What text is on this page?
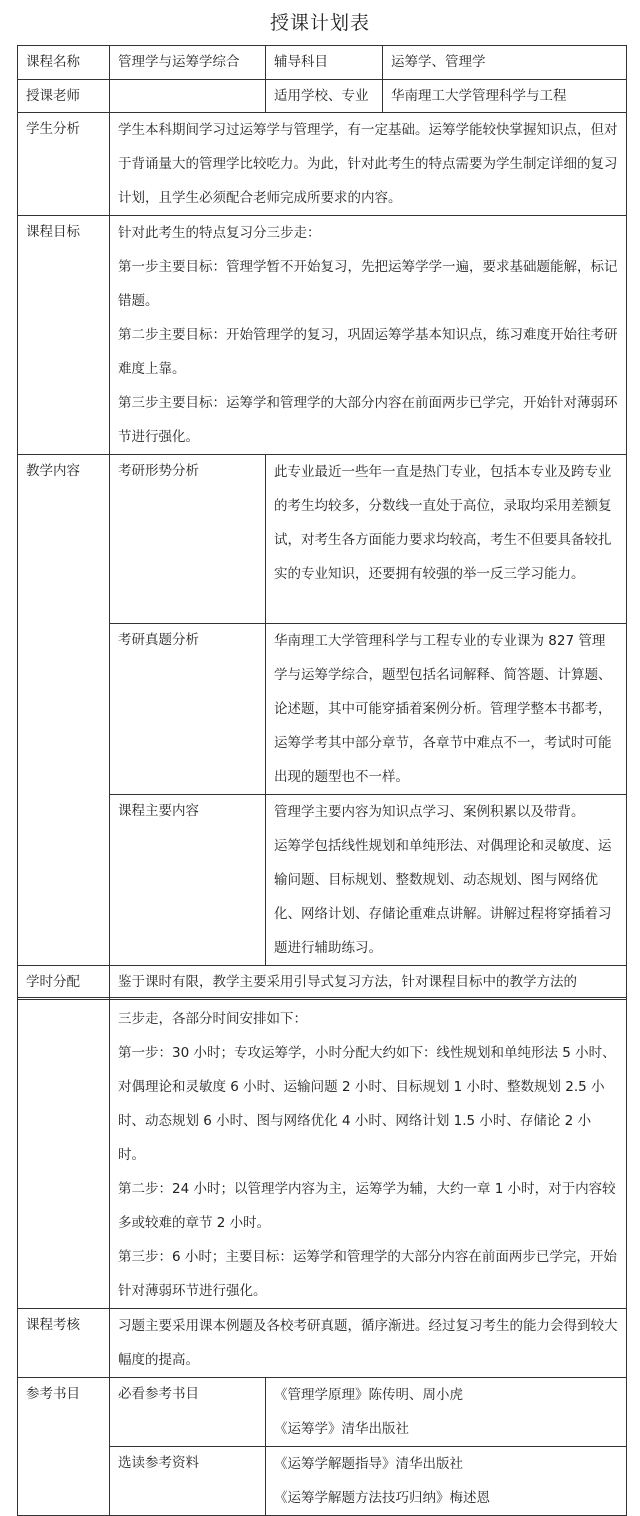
授课计划表
课程名称	管理学与运筹学综合	辅导科目	运筹学、管理学
授课老师		适用学校、专业	华南理工大学管理科学与工程
学生分析	学生本科期间学习过运筹学与管理学，有一定基础。运筹学能较快掌握知识点，但对于背诵量大的管理学比较吃力。为此，针对此考生的特点需要为学生制定详细的复习计划，且学生必须配合老师完成所要求的内容。		
课程目标	针对此考生的特点复习分三步走：
第一步主要目标：管理学暂不开始复习，先把运筹学学一遍，要求基础题能解，标记错题。
第二步主要目标：开始管理学的复习，巩固运筹学基本知识点，练习难度开始往考研难度上靠。
第三步主要目标：运筹学和管理学的大部分内容在前面两步已学完，开始针对薄弱环节进行强化。		

教学内容	考研形势分析	此专业最近一些年一直是热门专业，包括本专业及跨专业的考生均较多，分数线一直处于高位，录取均采用差额复试，对考生各方面能力要求均较高，考生不但要具备较扎实的专业知识，还要拥有较强的举一反三学习能力。	
	考研真题分析	华南理工大学管理科学与工程专业的专业课为 827 管理学与运筹学综合，题型包括名词解释、简答题、计算题、论述题，其中可能穿插着案例分析。管理学整本书都考，运筹学考其中部分章节，各章节中难点不一，考试时可能出现的题型也不一样。	
	课程主要内容	管理学主要内容为知识点学习、案例积累以及带背。
运筹学包括线性规划和单纯形法、对偶理论和灵敏度、运输问题、目标规划、整数规划、动态规划、图与网络优化、网络计划、存储论重难点讲解。讲解过程将穿插着习题进行辅助练习。	

学时分配	鉴于课时有限，教学主要采用引导式复习方法，针对课程目标中的教学方法的		

	三步走，各部分时间安排如下：
第一步：30 小时；专攻运筹学，小时分配大约如下：线性规划和单纯形法 5 小时、对偶理论和灵敏度 6 小时、运输问题 2 小时、目标规划 1 小时、整数规划 2.5 小时、动态规划 6 小时、图与网络优化 4 小时、网络计划 1.5 小时、存储论 2 小时。
第二步：24 小时；以管理学内容为主，运筹学为辅，大约一章 1 小时，对于内容较多或较难的章节 2 小时。
第三步：6 小时；主要目标：运筹学和管理学的大部分内容在前面两步已学完，开始针对薄弱环节进行强化。	

课程考核	习题主要采用课本例题及各校考研真题，循序渐进。经过复习考生的能力会得到较大幅度的提高。	
参考书目	必看参考书目	《管理学原理》陈传明、周小虎
《运筹学》清华出版社

	选读参考资料	《运筹学解题指导》清华出版社
《运筹学解题方法技巧归纳》梅述恩
